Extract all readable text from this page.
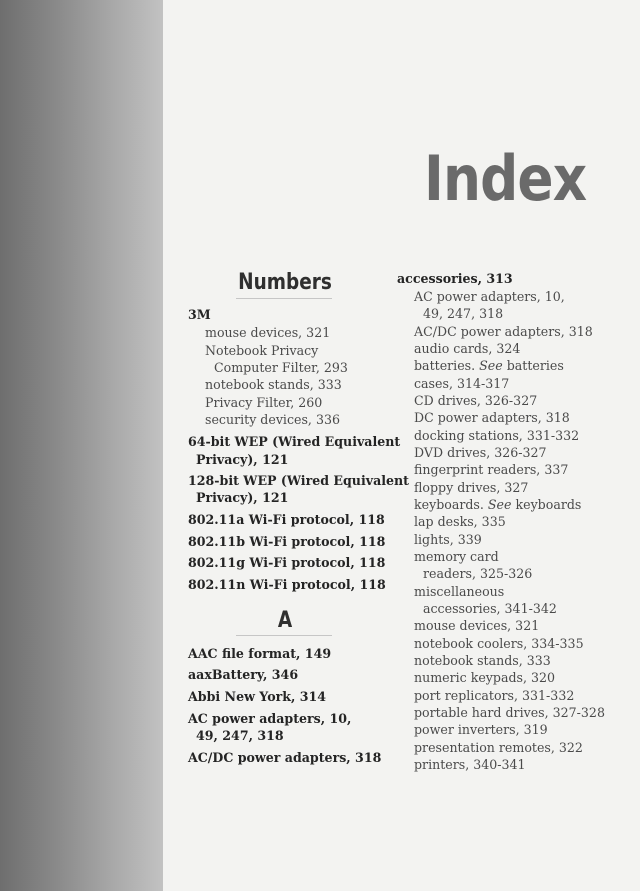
Index
Numbers
3M
mouse devices, 321
Notebook Privacy
Computer Filter, 293
notebook stands, 333
Privacy Filter, 260
security devices, 336
64-bit WEP (Wired Equivalent
Privacy), 121
128-bit WEP (Wired Equivalent
Privacy), 121
802.11a Wi-Fi protocol, 118
802.11b Wi-Fi protocol, 118
802.11g Wi-Fi protocol, 118
802.11n Wi-Fi protocol, 118
A
AAC file format, 149
aaxBattery, 346
Abbi New York, 314
AC power adapters, 10,
49, 247, 318
AC/DC power adapters, 318
accessories, 313
AC power adapters, 10,
49, 247, 318
AC/DC power adapters, 318
audio cards, 324
batteries. See batteries
cases, 314-317
CD drives, 326-327
DC power adapters, 318
docking stations, 331-332
DVD drives, 326-327
fingerprint readers, 337
floppy drives, 327
keyboards. See keyboards
lap desks, 335
lights, 339
memory card
readers, 325-326
miscellaneous
accessories, 341-342
mouse devices, 321
notebook coolers, 334-335
notebook stands, 333
numeric keypads, 320
port replicators, 331-332
portable hard drives, 327-328
power inverters, 319
presentation remotes, 322
printers, 340-341
